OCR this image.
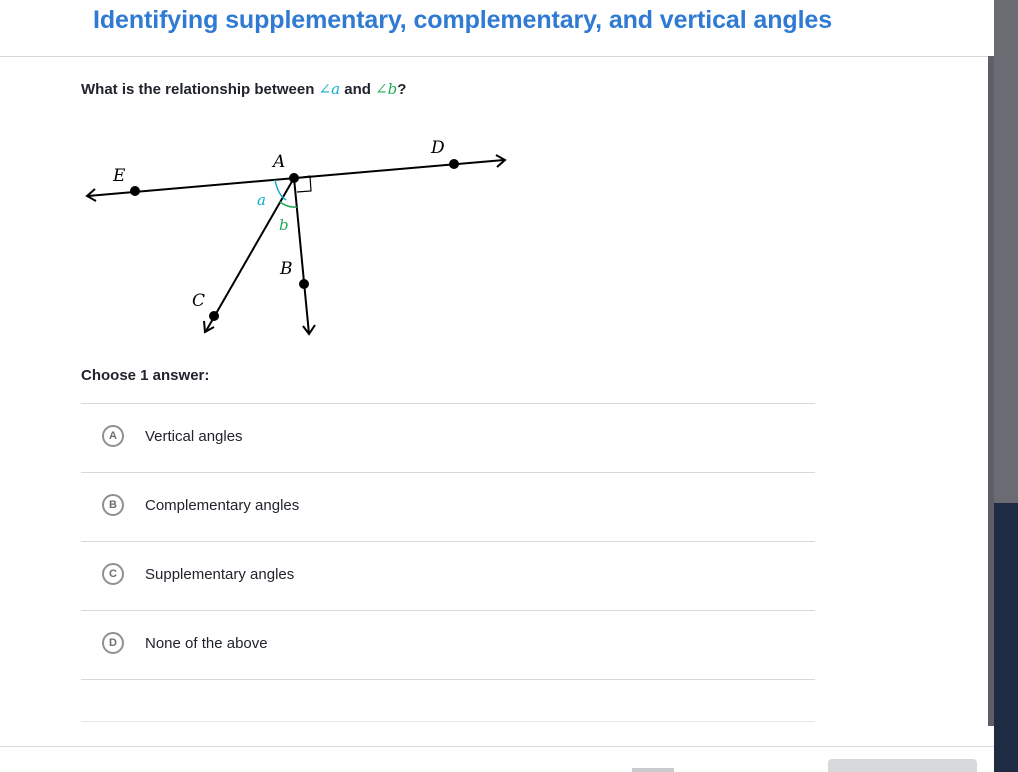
Identifying supplementary, complementary, and vertical angles
What is the relationship between ∠a and ∠b?
E
A
D
B
C
a
b
Choose 1 answer:
A	Vertical angles
B	Complementary angles
C	Supplementary angles
D	None of the above
